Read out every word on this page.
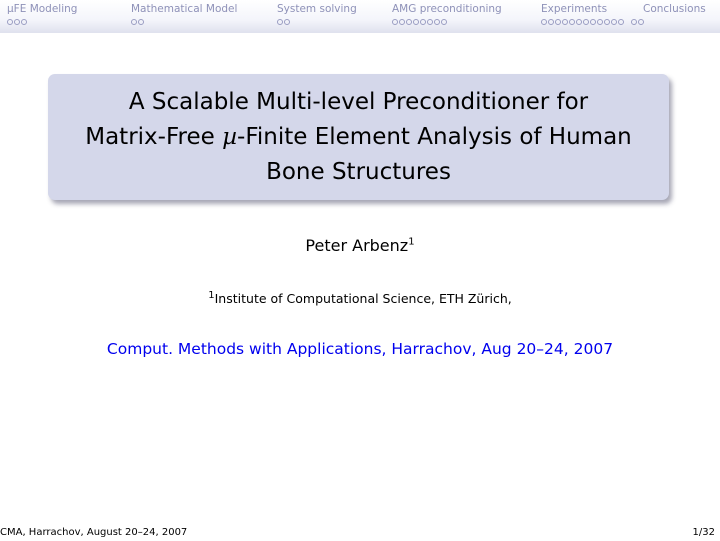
µFE Modeling	Mathematical Model	System solving	AMG preconditioning	Experiments	Conclusions
A Scalable Multi-level Preconditioner for
Matrix-Free µ-Finite Element Analysis of Human
Bone Structures
Peter Arbenz$^1$
$^1$Institute of Computational Science, ETH Zürich,
Comput. Methods with Applications, Harrachov, Aug 20–24, 2007
CMA, Harrachov, August 20–24, 2007	1/32
